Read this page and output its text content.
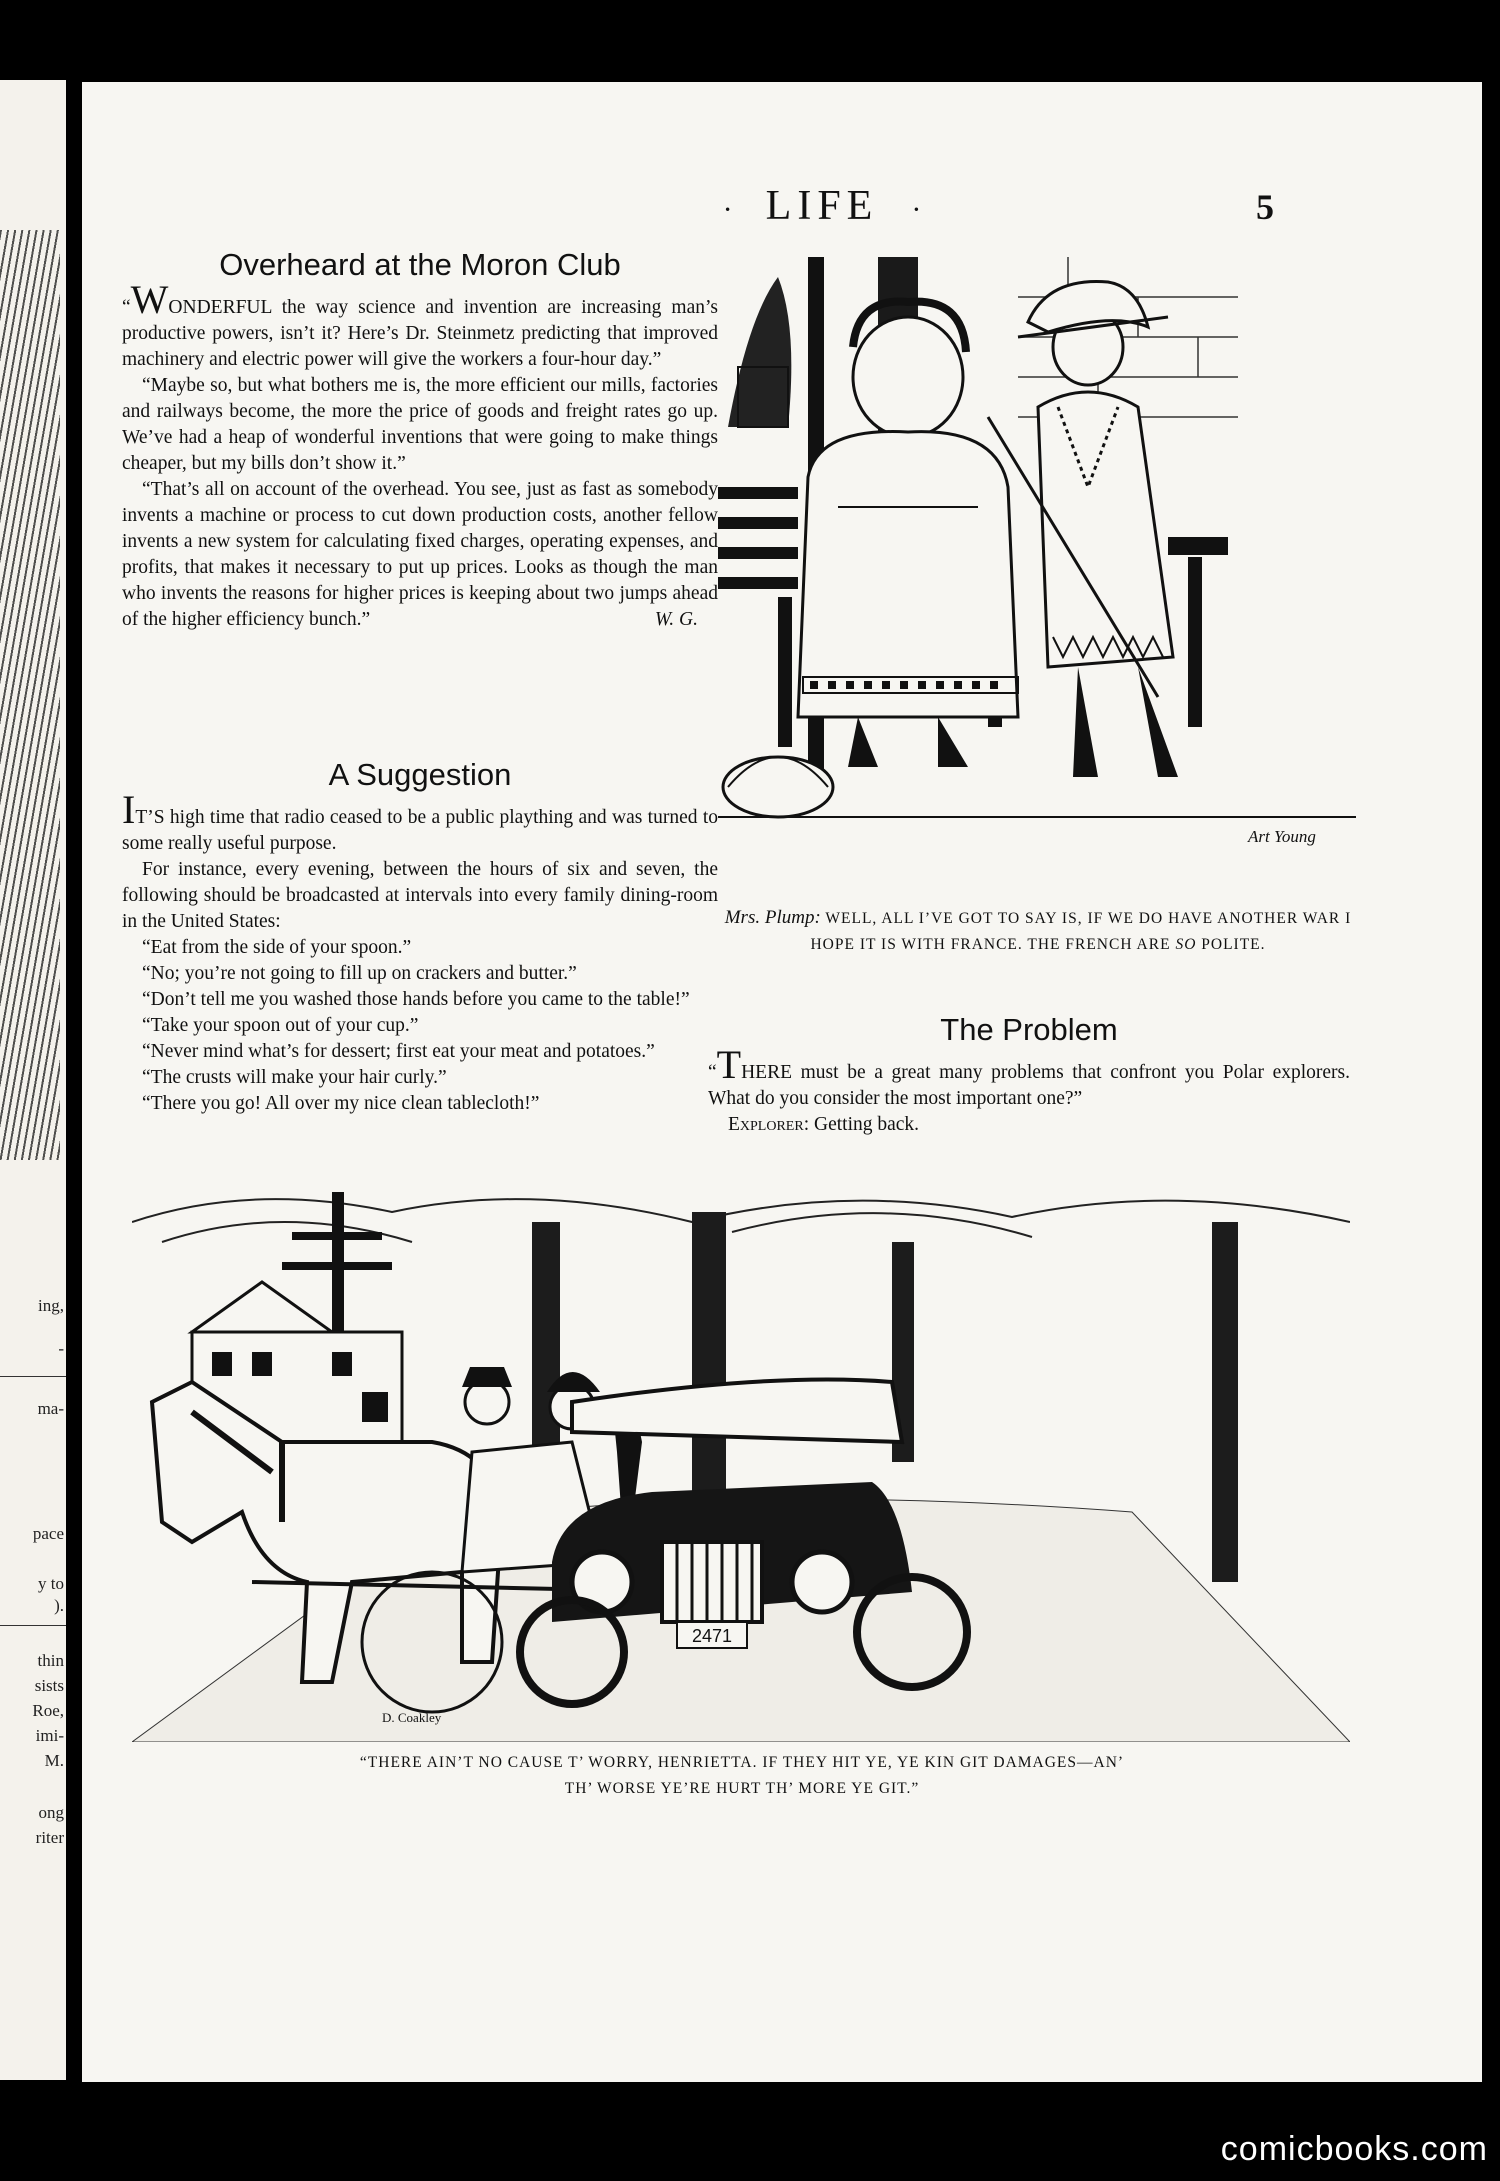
ing,
-
ma-
pace
y to
).
thin
sists
Roe,
imi-
M.
ong
riter
· LIFE ·	5
Overheard at the Moron Club

“WONDERFUL the way science and invention are increasing man’s productive powers, isn’t it? Here’s Dr. Steinmetz predicting that improved machinery and electric power will give the workers a four-hour day.”

“Maybe so, but what bothers me is, the more efficient our mills, factories and railways become, the more the price of goods and freight rates go up. We’ve had a heap of wonderful inventions that were going to make things cheaper, but my bills don’t show it.”

“That’s all on account of the overhead. You see, just as fast as somebody invents a machine or process to cut down production costs, another fellow invents a new system for calculating fixed charges, operating expenses, and profits, that makes it necessary to put up prices. Looks as though the man who invents the reasons for higher prices is keeping about two jumps ahead of the higher efficiency bunch.”	W. G.

A Suggestion

IT’S high time that radio ceased to be a public plaything and was turned to some really useful purpose.

For instance, every evening, between the hours of six and seven, the following should be broadcasted at intervals into every family dining-room in the United States:

“Eat from the side of your spoon.”

“No; you’re not going to fill up on crackers and butter.”

“Don’t tell me you washed those hands before you came to the table!”

“Take your spoon out of your cup.”

“Never mind what’s for dessert; first eat your meat and potatoes.”

“The crusts will make your hair curly.”

“There you go! All over my nice clean tablecloth!”

Art Young
Mrs. Plump: WELL, ALL I’VE GOT TO SAY IS, IF WE DO HAVE ANOTHER WAR I HOPE IT IS WITH FRANCE. THE FRENCH ARE SO POLITE.
The Problem

“THERE must be a great many problems that confront you Polar explorers. What do you consider the most important one?”

Explorer: Getting back.

2471
D. Coakley
“THERE AIN’T NO CAUSE T’ WORRY, HENRIETTA. IF THEY HIT YE, YE KIN GIT DAMAGES—AN’
TH’ WORSE YE’RE HURT TH’ MORE YE GIT.”
comicbooks.com
